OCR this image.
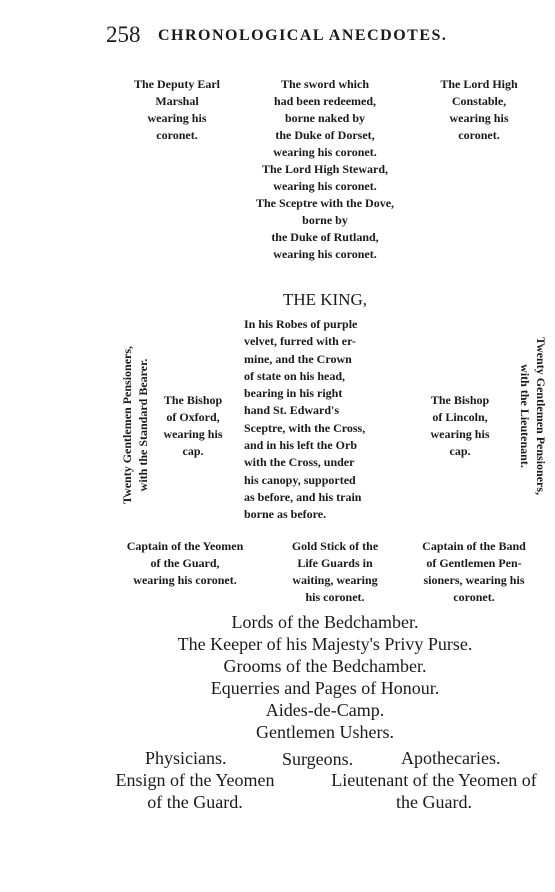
258 CHRONOLOGICAL ANECDOTES.
The Deputy Earl
Marshal
wearing his
coronet.
The sword which
had been redeemed,
borne naked by
the Duke of Dorset,
wearing his coronet.
The Lord High Steward,
wearing his coronet.
The Sceptre with the Dove,
borne by
the Duke of Rutland,
wearing his coronet.
The Lord High
Constable,
wearing his
coronet.
THE KING,
In his Robes of purple
velvet, furred with er-
mine, and the Crown
of state on his head,
bearing in his right
hand St. Edward's
Sceptre, with the Cross,
and in his left the Orb
with the Cross, under
his canopy, supported
as before, and his train
borne as before.
Twenty Gentlemen Pensioners, with the Standard Bearer.	Twenty Gentlemen Pensioners,
with the Lieutenant.
The Bishop
of Oxford,
wearing his
cap.
The Bishop
of Lincoln,
wearing his
cap.
Captain of the Yeomen
of the Guard,
wearing his coronet.
Gold Stick of the
Life Guards in
waiting, wearing
his coronet.
Captain of the Band
of Gentlemen Pen-
sioners, wearing his
coronet.
Lords of the Bedchamber.
The Keeper of his Majesty's Privy Purse.
Grooms of the Bedchamber.
Equerries and Pages of Honour.
Aides-de-Camp.
Gentlemen Ushers.
Physicians.	Surgeons.	Apothecaries.
Ensign of the Yeomen
of the Guard.
Lieutenant of the Yeomen of
the Guard.
